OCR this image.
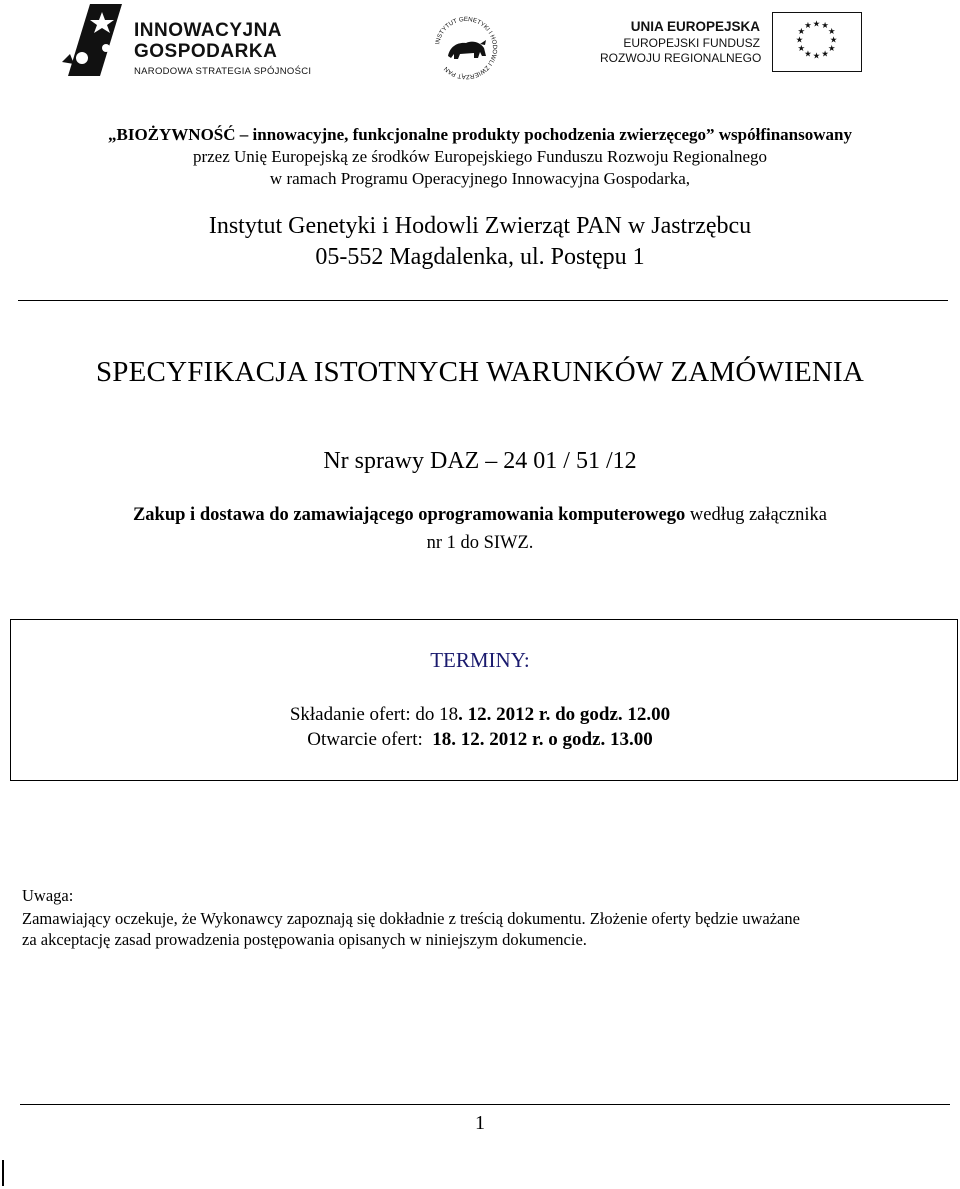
INNOWACYJNA
GOSPODARKA
NARODOWA STRATEGIA SPÓJNOŚCI
INSTYTUT GENETYKI I HODOWLI ZWIERZĄT PAN
UNIA EUROPEJSKA
EUROPEJSKI FUNDUSZ
ROZWOJU REGIONALNEGO
★ ★
★
★
★
★
★
★
★
★
★
★
„BIOŻYWNOŚĆ – innowacyjne, funkcjonalne produkty pochodzenia zwierzęcego” współfinansowany
przez Unię Europejską ze środków Europejskiego Funduszu Rozwoju Regionalnego
w ramach Programu Operacyjnego Innowacyjna Gospodarka,
Instytut Genetyki i Hodowli Zwierząt PAN w Jastrzębcu
05-552 Magdalenka, ul. Postępu 1
SPECYFIKACJA ISTOTNYCH WARUNKÓW ZAMÓWIENIA
Nr sprawy DAZ – 24 01 / 51 /12
Zakup i dostawa do zamawiającego oprogramowania komputerowego według załącznika
nr 1 do SIWZ.
TERMINY:
Składanie ofert: do 18. 12. 2012 r. do godz. 12.00
Otwarcie ofert:  18. 12. 2012 r. o godz. 13.00
Uwaga:
Zamawiający oczekuje, że Wykonawcy zapoznają się dokładnie z treścią dokumentu. Złożenie oferty będzie uważane
za akceptację zasad prowadzenia postępowania opisanych w niniejszym dokumencie.
1
